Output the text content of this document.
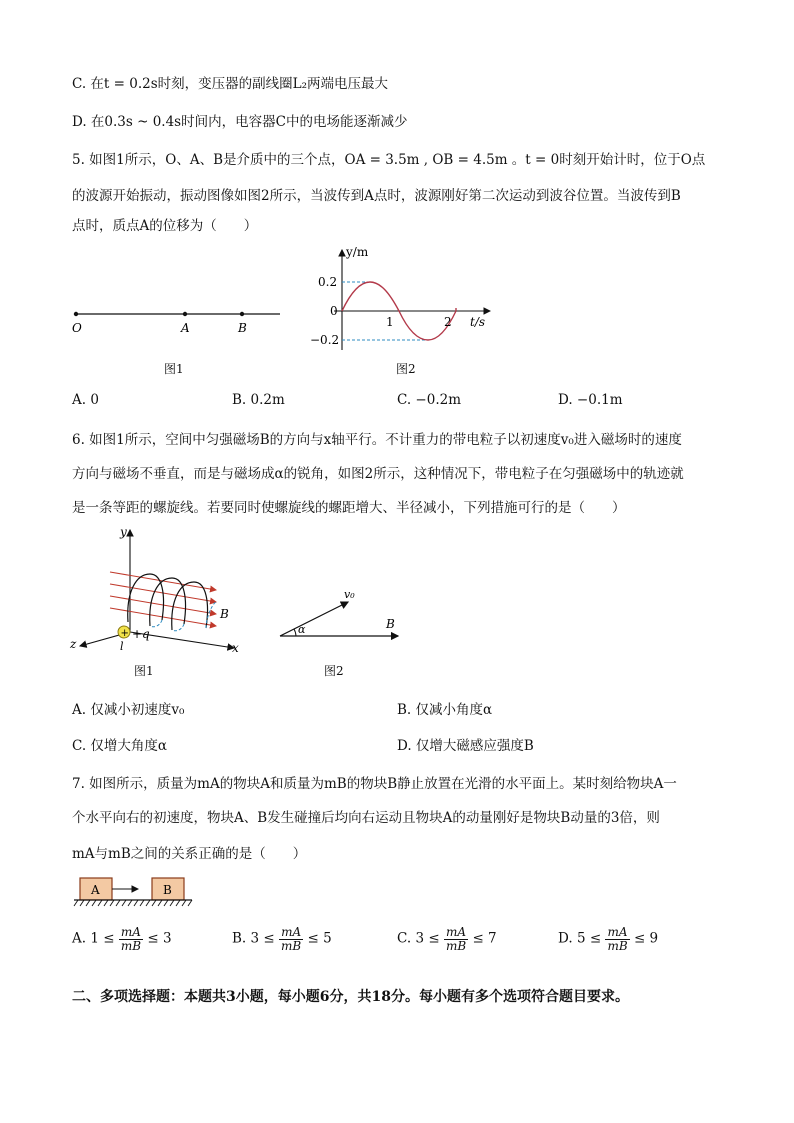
C. 在t = 0.2s时刻，变压器的副线圈L₂两端电压最大
D. 在0.3s ~ 0.4s时间内，电容器C中的电场能逐渐减少
5. 如图1所示，O、A、B是介质中的三个点，OA = 3.5m , OB = 4.5m 。t = 0时刻开始计时，位于O点
的波源开始振动，振动图像如图2所示，当波传到A点时，波源刚好第二次运动到波谷位置。当波传到B
点时，质点A的位移为（　　）
O	A	B
图1
y/m
t/s
0.2
0
−0.2
1	2
图2
A. 0	B. 0.2m	C. −0.2m	D. −0.1m
6. 如图1所示，空间中匀强磁场B的方向与x轴平行。不计重力的带电粒子以初速度v₀进入磁场时的速度
方向与磁场不垂直，而是与磁场成α的锐角，如图2所示，这种情况下，带电粒子在匀强磁场中的轨迹就
是一条等距的螺旋线。若要同时使螺旋线的螺距增大、半径减小，下列措施可行的是（　　）
y
x
z
+ +q
l
B
图1
α
v₀
B
图2
A. 仅减小初速度v₀	B. 仅减小角度α
C. 仅增大角度α	D. 仅增大磁感应强度B
7. 如图所示，质量为mA的物块A和质量为mB的物块B静止放置在光滑的水平面上。某时刻给物块A一
个水平向右的初速度，物块A、B发生碰撞后均向右运动且物块A的动量刚好是物块B动量的3倍，则
mA与mB之间的关系正确的是（　　）
A	B
A. $1 \le \frac{mA}{mB} \le 3$	B. $3 \le \frac{mA}{mB} \le 5$	C. $3 \le \frac{mA}{mB} \le 7$	D. $5 \le \frac{mA}{mB} \le 9$
二、多项选择题：本题共3小题，每小题6分，共18分。每小题有多个选项符合题目要求。
